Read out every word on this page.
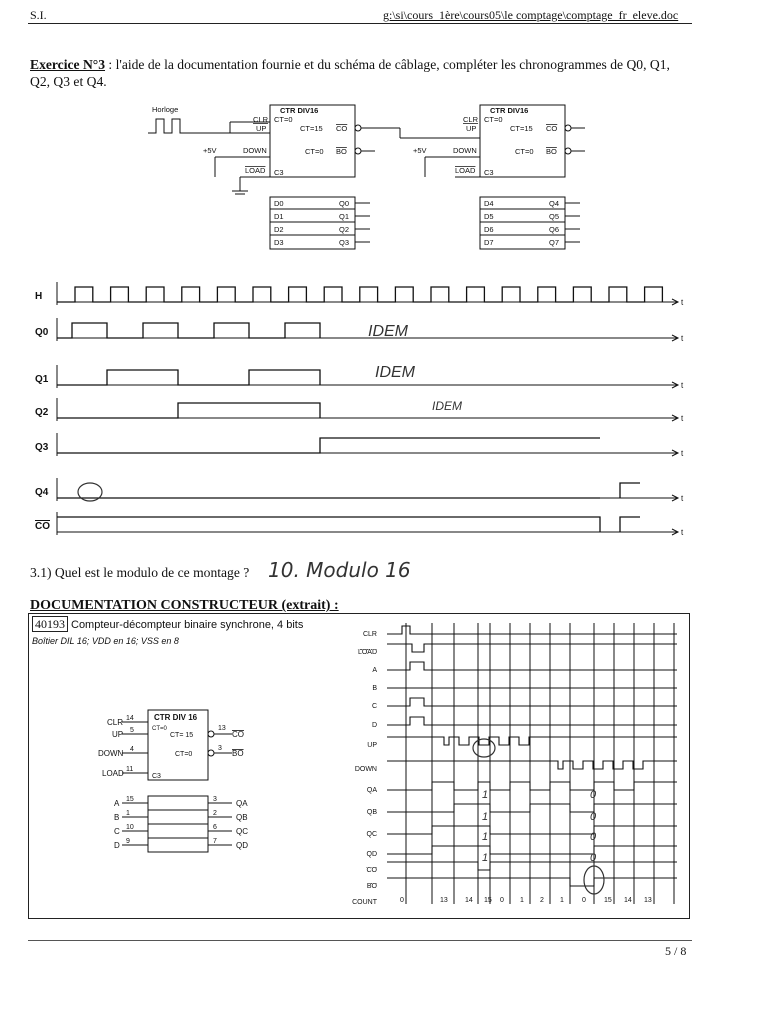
S.I.	g:\si\cours_1ère\cours05\le comptage\comptage_fr_eleve.doc
Exercice N°3 : l'aide de la documentation fournie et du schéma de câblage, compléter les chronogrammes de Q0, Q1, Q2, Q3 et Q4.
Horloge	CTR DIV16
CLR CT=0
UP	CT=15 CO
+5V	DOWN	CT=0 BO
LOAD C3
D0
D1
D2
D3
Q0
Q1
Q2
Q3
CTR DIV16
CLR CT=0
UP	CT=15 CO
+5V	DOWN	CT=0 BO
LOAD C3
D4
D5
D6
D7
Q4
Q5
Q6
Q7
t
H
t
Q0
t
Q1
t
Q2
t
Q3
t
Q4
t
CO
IDEM
IDEM
IDEM
3.1) Quel est le modulo de ce montage ? 10. Modulo 16
DOCUMENTATION CONSTRUCTEUR (extrait) :
40193 Compteur-décompteur binaire synchrone, 4 bits
Boîtier DIL 16; VDD en 16; VSS en 8
CTR DIV 16
CT=0
CLR
UP	CT= 15
DOWN	CT=0
LOAD	C3
13
CO
3
BO
14
5
4
11
A
B
C
D
15
1
10
9
3
2
6
7
QA
QB
QC
QD
CLR
LOAD
A
B
C
D
UP
DOWN
QA
QB
QC
QD
CO
BO
COUNT	0	13 14 15 0 1 2 1	0	15 14 13
1
1
1
1
0
0
0
0
5 / 8
